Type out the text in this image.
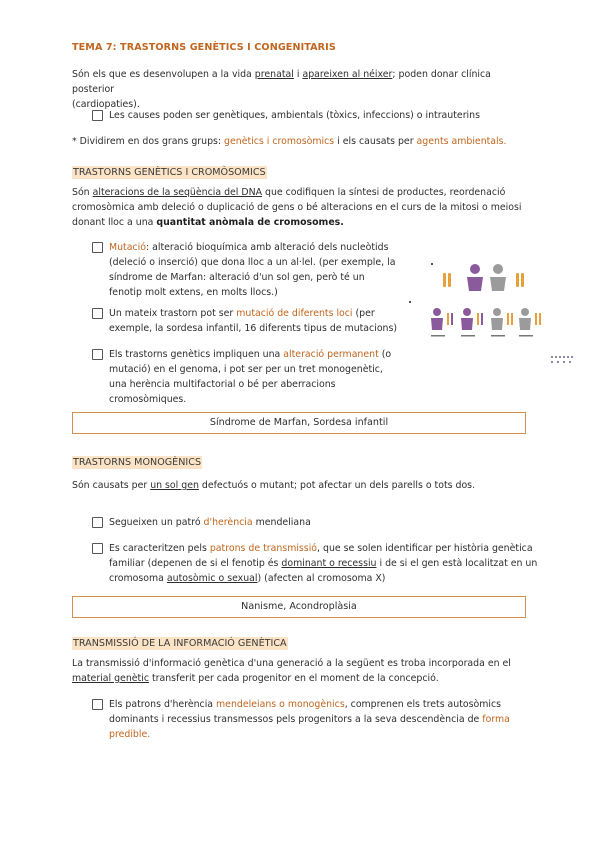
TEMA 7: TRASTORNS GENÈTICS I CONGENITARIS
Són els que es desenvolupen a la vida prenatal i apareixen al néixer; poden donar clínica posterior
(cardiopaties).
Les causes poden ser genètiques, ambientals (tòxics, infeccions) o intrauterins
* Dividirem en dos grans grups: genètics i cromosòmics i els causats per agents ambientals.
TRASTORNS GENÈTICS I CROMÒSOMICS
Són alteracions de la seqüència del DNA que codifiquen la síntesi de productes, reordenació
cromosòmica amb deleció o duplicació de gens o bé alteracions en el curs de la mitosi o meiosi
donant lloc a una quantitat anòmala de cromosomes.
Mutació: alteració bioquímica amb alteració dels nucleòtids
(deleció o inserció) que dona lloc a un al·lel. (per exemple, la
síndrome de Marfan: alteració d'un sol gen, però té un
fenotip molt extens, en molts llocs.)
Un mateix trastorn pot ser mutació de diferents loci (per
exemple, la sordesa infantil, 16 diferents tipus de mutacions)
Els trastorns genètics impliquen una alteració permanent (o
mutació) en el genoma, i pot ser per un tret monogenètic,
una herència multifactorial o bé per aberracions
cromosòmiques.
Síndrome de Marfan, Sordesa infantil
TRASTORNS MONOGÈNICS
Són causats per un sol gen defectuós o mutant; pot afectar un dels parells o tots dos.
Segueixen un patró d'herència mendeliana
Es caracteritzen pels patrons de transmissió, que se solen identificar per història genètica
familiar (depenen de si el fenotip és dominant o recessiu i de si el gen està localitzat en un
cromosoma autosòmic o sexual) (afecten al cromosoma X)
Nanisme, Acondroplàsia
TRANSMISSIÓ DE LA INFORMACIÓ GENÈTICA
La transmissió d'informació genètica d'una generació a la següent es troba incorporada en el
material genètic transferit per cada progenitor en el moment de la concepció.
Els patrons d'herència mendeleians o monogènics, comprenen els trets autosòmics
dominants i recessius transmessos pels progenitors a la seva descendència de forma
predible.
